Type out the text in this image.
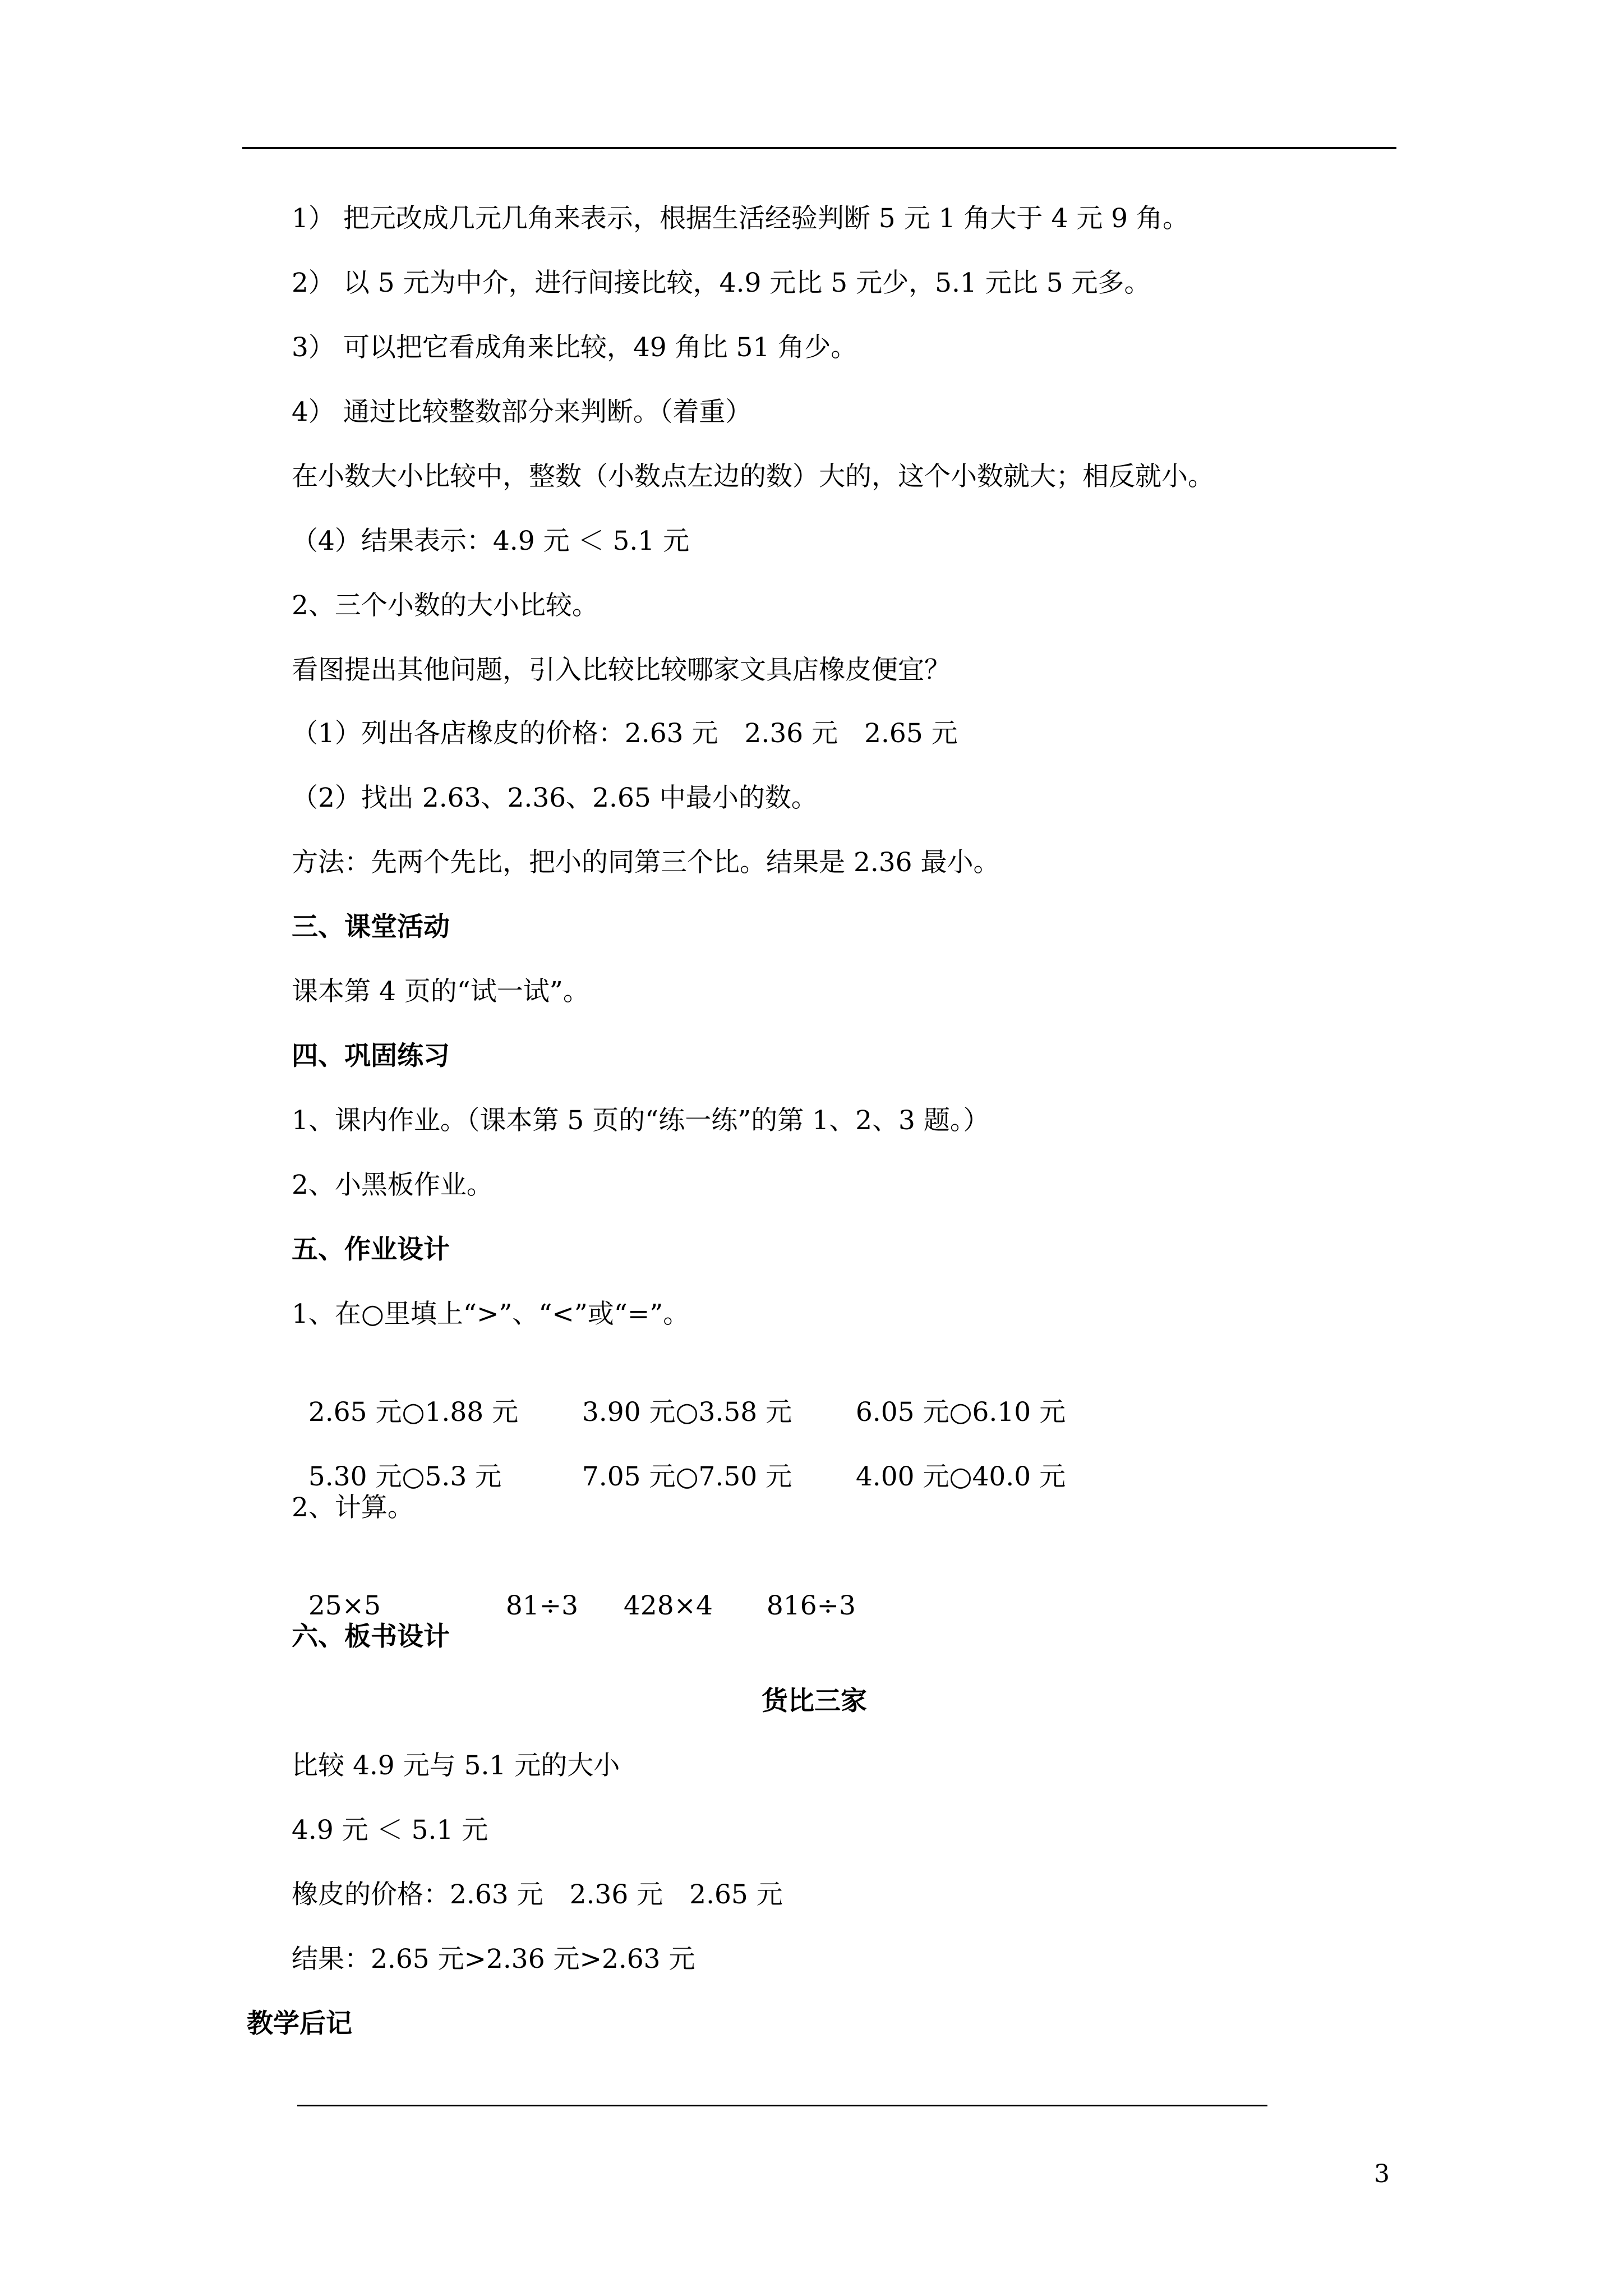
1） 把元改成几元几角来表示，根据生活经验判断 5 元 1 角大于 4 元 9 角。

2） 以 5 元为中介，进行间接比较，4.9 元比 5 元少，5.1 元比 5 元多。

3） 可以把它看成角来比较，49 角比 51 角少。

4） 通过比较整数部分来判断。（着重）

在小数大小比较中，整数（小数点左边的数）大的，这个小数就大；相反就小。

（4）结果表示：4.9 元 ＜ 5.1 元

2、三个小数的大小比较。

看图提出其他问题，引入比较比较哪家文具店橡皮便宜？

（1）列出各店橡皮的价格：2.63 元　2.36 元　2.65 元

（2）找出 2.63、2.36、2.65 中最小的数。

方法：先两个先比，把小的同第三个比。结果是 2.36 最小。

三、课堂活动

课本第 4 页的“试一试”。

四、巩固练习

1、课内作业。（课本第 5 页的“练一练”的第 1、2、3 题。）

2、小黑板作业。

五、作业设计

1、在○里填上“>”、“<”或“=”。

2.65 元○1.88 元 3.90 元○3.58 元 6.05 元○6.10 元

5.30 元○5.3 元	7.05 元○7.50 元 4.00 元○40.0 元

2、计算。

25×5	81÷3 428×4 816÷3

六、板书设计

货比三家

比较 4.9 元与 5.1 元的大小

4.9 元 ＜ 5.1 元

橡皮的价格：2.63 元　2.36 元　2.65 元

结果：2.65 元>2.36 元>2.63 元

教学后记

3
